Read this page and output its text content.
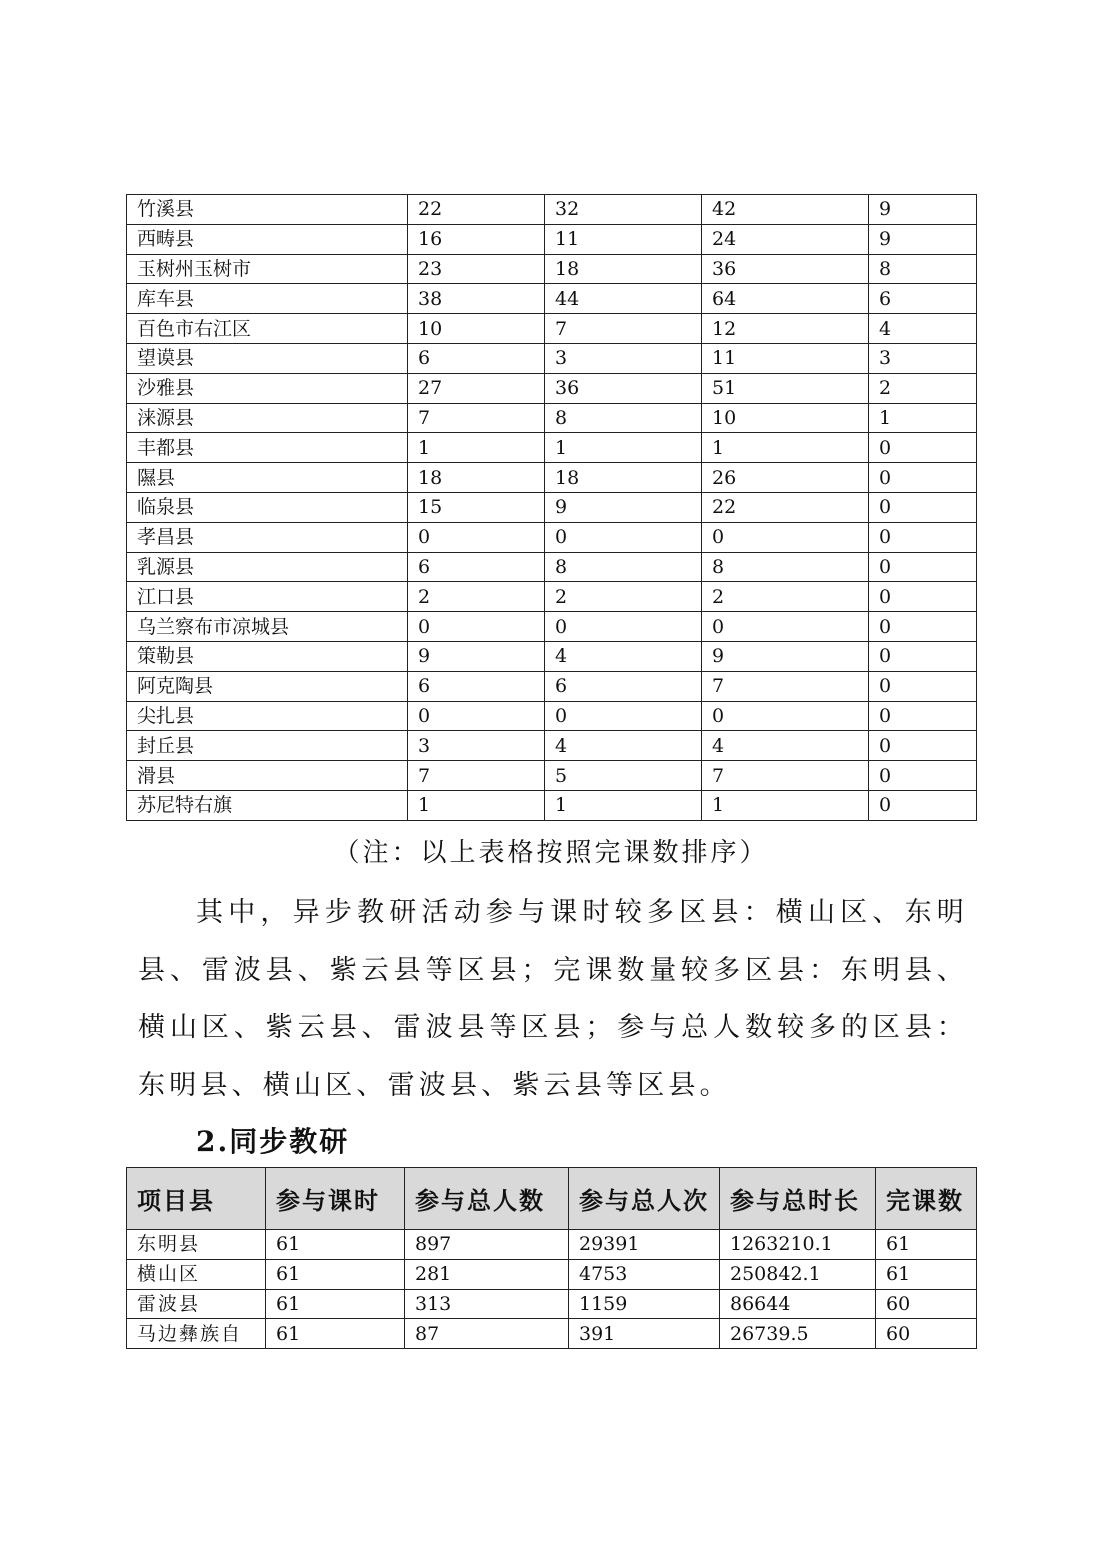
竹溪县	22	32	42	9
西畴县	16	11	24	9
玉树州玉树市	23	18	36	8
库车县	38	44	64	6
百色市右江区	10	7	12	4
望谟县	6	3	11	3
沙雅县	27	36	51	2
涞源县	7	8	10	1
丰都县	1	1	1	0
隰县	18	18	26	0
临泉县	15	9	22	0
孝昌县	0	0	0	0
乳源县	6	8	8	0
江口县	2	2	2	0
乌兰察布市凉城县	0	0	0	0
策勒县	9	4	9	0
阿克陶县	6	6	7	0
尖扎县	0	0	0	0
封丘县	3	4	4	0
滑县	7	5	7	0
苏尼特右旗	1	1	1	0
（注：以上表格按照完课数排序）

其中，异步教研活动参与课时较多区县：横山区、东明县、雷波县、紫云县等区县；完课数量较多区县：东明县、横山区、紫云县、雷波县等区县；参与总人数较多的区县：东明县、横山区、雷波县、紫云县等区县。

2.同步教研
项目县	参与课时	参与总人数	参与总人次	参与总时长	完课数
东明县	61	897	29391	1263210.1	61
横山区	61	281	4753	250842.1	61
雷波县	61	313	1159	86644	60
马边彝族自	61	87	391	26739.5	60
